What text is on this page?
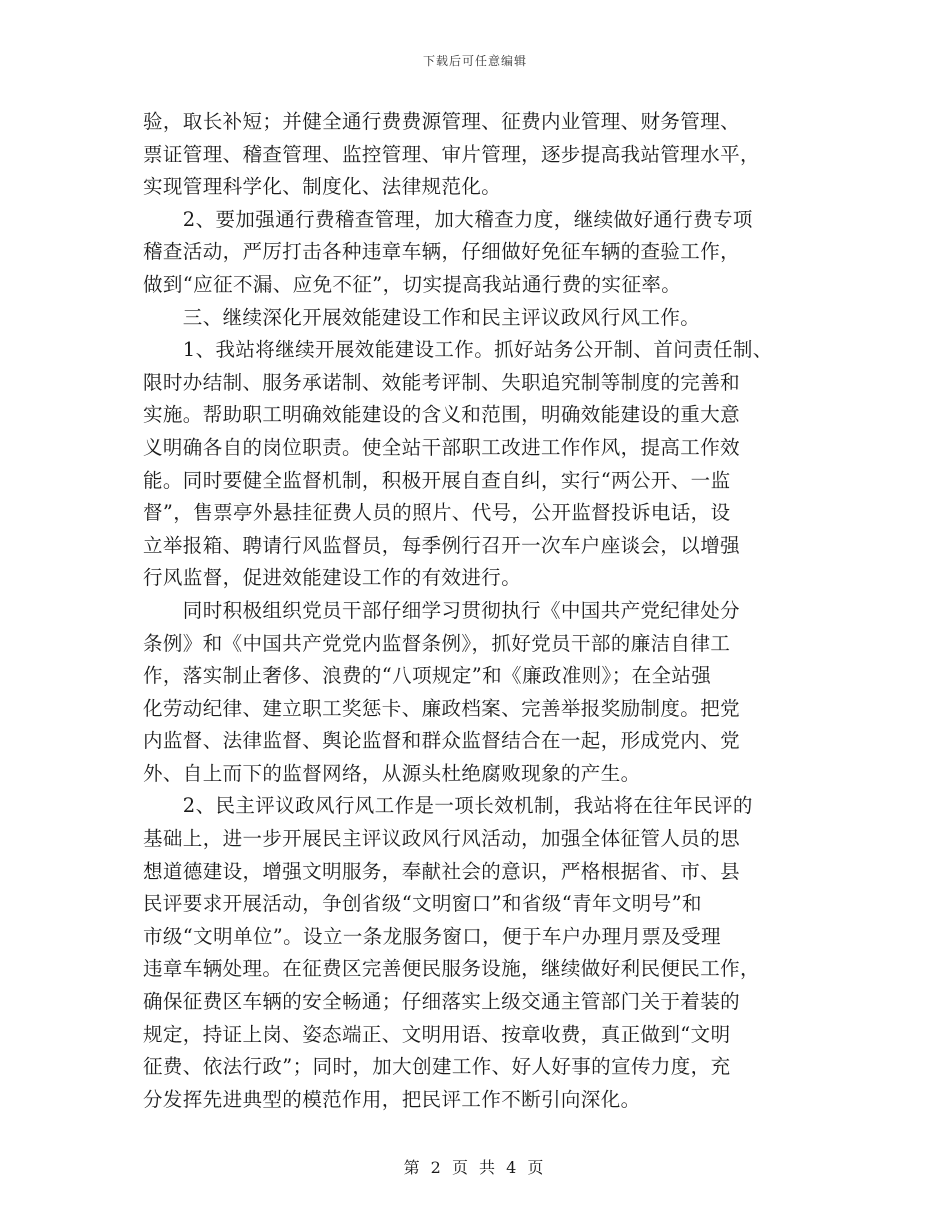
下载后可任意编辑
验，取长补短；并健全通行费费源管理、征费内业管理、财务管理、
票证管理、稽查管理、监控管理、审片管理，逐步提高我站管理水平，
实现管理科学化、制度化、法律规范化。
　　2、要加强通行费稽查管理，加大稽查力度，继续做好通行费专项
稽查活动，严厉打击各种违章车辆，仔细做好免征车辆的查验工作，
做到“应征不漏、应免不征”，切实提高我站通行费的实征率。
　　三、继续深化开展效能建设工作和民主评议政风行风工作。
　　1、我站将继续开展效能建设工作。抓好站务公开制、首问责任制、
限时办结制、服务承诺制、效能考评制、失职追究制等制度的完善和
实施。帮助职工明确效能建设的含义和范围，明确效能建设的重大意
义明确各自的岗位职责。使全站干部职工改进工作作风，提高工作效
能。同时要健全监督机制，积极开展自查自纠，实行“两公开、一监
督”，售票亭外悬挂征费人员的照片、代号，公开监督投诉电话，设
立举报箱、聘请行风监督员，每季例行召开一次车户座谈会，以增强
行风监督，促进效能建设工作的有效进行。
　　同时积极组织党员干部仔细学习贯彻执行《中国共产党纪律处分
条例》和《中国共产党党内监督条例》，抓好党员干部的廉洁自律工
作，落实制止奢侈、浪费的“八项规定”和《廉政准则》；在全站强
化劳动纪律、建立职工奖惩卡、廉政档案、完善举报奖励制度。把党
内监督、法律监督、舆论监督和群众监督结合在一起，形成党内、党
外、自上而下的监督网络，从源头杜绝腐败现象的产生。
　　2、民主评议政风行风工作是一项长效机制，我站将在往年民评的
基础上，进一步开展民主评议政风行风活动，加强全体征管人员的思
想道德建设，增强文明服务，奉献社会的意识，严格根据省、市、县
民评要求开展活动，争创省级“文明窗口”和省级“青年文明号”和
市级“文明单位”。设立一条龙服务窗口，便于车户办理月票及受理
违章车辆处理。在征费区完善便民服务设施，继续做好利民便民工作，
确保征费区车辆的安全畅通；仔细落实上级交通主管部门关于着装的
规定，持证上岗、姿态端正、文明用语、按章收费，真正做到“文明
征费、依法行政”；同时，加大创建工作、好人好事的宣传力度，充
分发挥先进典型的模范作用，把民评工作不断引向深化。
第 2 页 共 4 页
